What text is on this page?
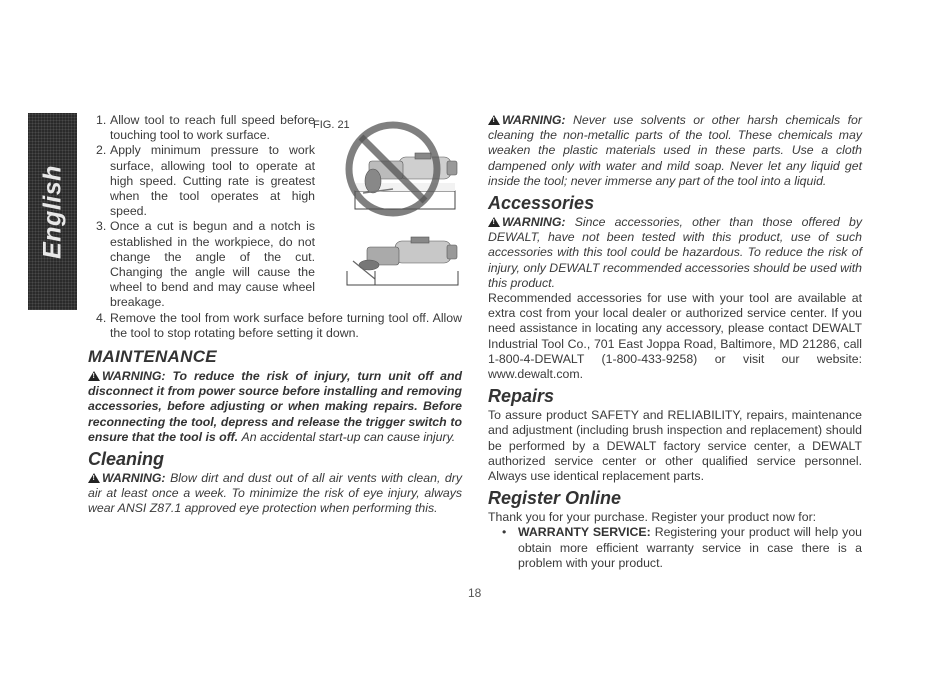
English
FIG. 21
1. Allow tool to reach full speed before touching tool to work surface.
2. Apply minimum pressure to work surface, allowing tool to operate at high speed. Cutting rate is greatest when the tool operates at high speed.
3. Once a cut is begun and a notch is established in the workpiece, do not change the angle of the cut. Changing the angle will cause the wheel to bend and may cause wheel breakage.
4. Remove the tool from work surface before turning tool off. Allow the tool to stop rotating before setting it down.
MAINTENANCE
!WARNING: To reduce the risk of injury, turn unit off and disconnect it from power source before installing and removing accessories, before adjusting or when making repairs. Before reconnecting the tool, depress and release the trigger switch to ensure that the tool is off. An accidental start-up can cause injury.
Cleaning
!WARNING: Blow dirt and dust out of all air vents with clean, dry air at least once a week. To minimize the risk of eye injury, always wear ANSI Z87.1 approved eye protection when performing this.
!WARNING: Never use solvents or other harsh chemicals for cleaning the non-metallic parts of the tool. These chemicals may weaken the plastic materials used in these parts. Use a cloth dampened only with water and mild soap. Never let any liquid get inside the tool; never immerse any part of the tool into a liquid.
Accessories
!WARNING: Since accessories, other than those offered by DEWALT, have not been tested with this product, use of such accessories with this tool could be hazardous. To reduce the risk of injury, only DEWALT recommended accessories should be used with this product.
Recommended accessories for use with your tool are available at extra cost from your local dealer or authorized service center. If you need assistance in locating any accessory, please contact DEWALT Industrial Tool Co., 701 East Joppa Road, Baltimore, MD 21286, call 1-800-4-DEWALT (1-800-433-9258) or visit our website: www.dewalt.com.
Repairs
To assure product SAFETY and RELIABILITY, repairs, maintenance and adjustment (including brush inspection and replacement) should be performed by a DEWALT factory service center, a DEWALT authorized service center or other qualified service personnel. Always use identical replacement parts.
Register Online
Thank you for your purchase. Register your product now for:
• WARRANTY SERVICE: Registering your product will help you obtain more efficient warranty service in case there is a problem with your product.
18
